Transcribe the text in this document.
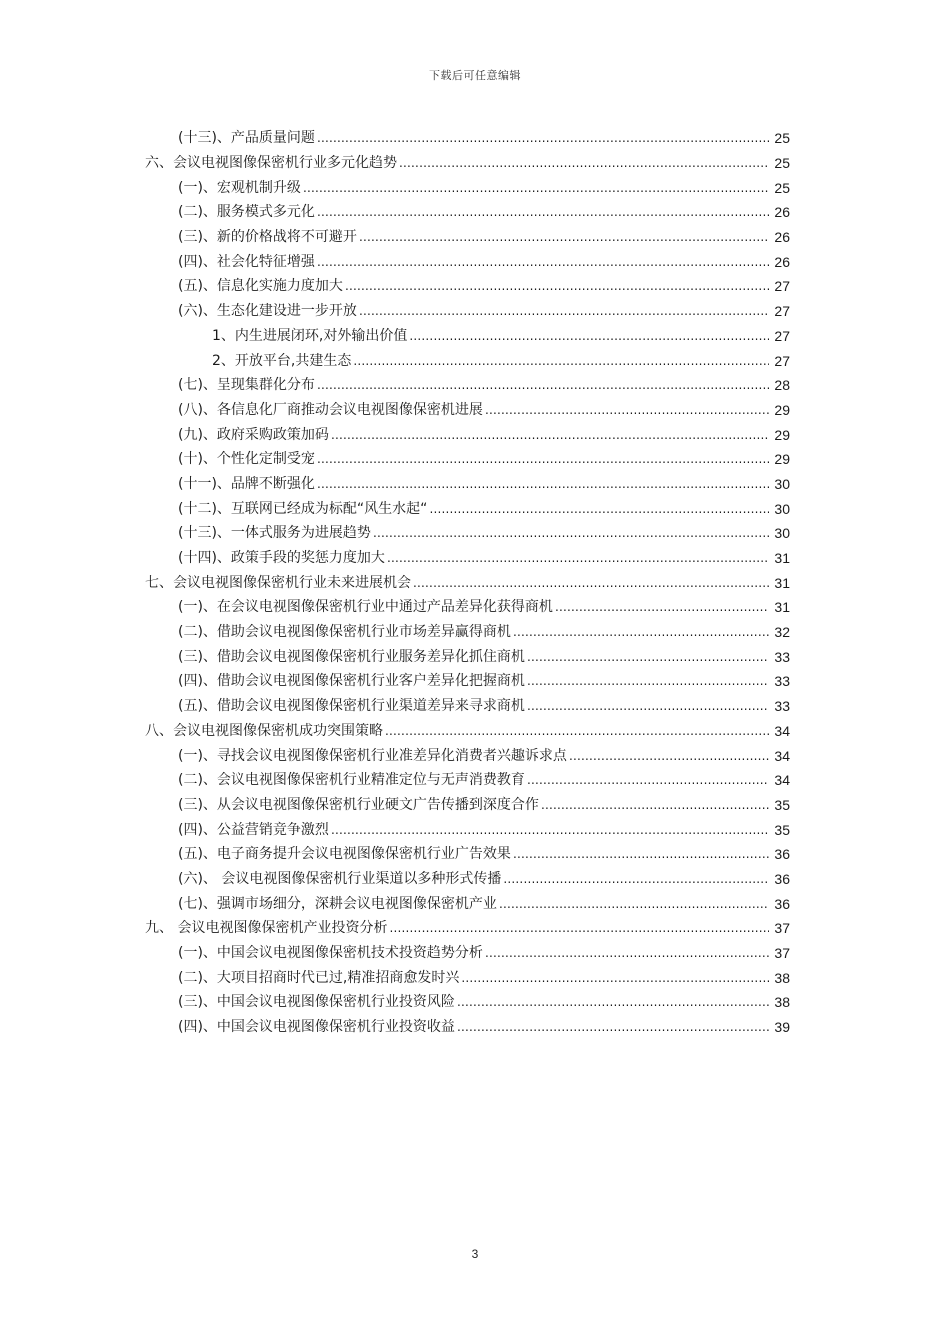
下载后可任意编辑
(十三)、产品质量问题 .....	25
六、会议电视图像保密机行业多元化趋势 .....	25
(一)、宏观机制升级 .....	25
(二)、服务模式多元化 .....	26
(三)、新的价格战将不可避开 .....	26
(四)、社会化特征增强 .....	26
(五)、信息化实施力度加大 .....	27
(六)、生态化建设进一步开放 .....	27
1、内生进展闭环,对外输出价值 .....	27
2、开放平台,共建生态 .....	27
(七)、呈现集群化分布 .....	28
(八)、各信息化厂商推动会议电视图像保密机进展 .....	29
(九)、政府采购政策加码 .....	29
(十)、个性化定制受宠 .....	29
(十一)、品牌不断强化 .....	30
(十二)、互联网已经成为标配“风生水起“ .....	30
(十三)、一体式服务为进展趋势 .....	30
(十四)、政策手段的奖惩力度加大 .....	31
七、会议电视图像保密机行业未来进展机会 .....	31
(一)、在会议电视图像保密机行业中通过产品差异化获得商机 .....	31
(二)、借助会议电视图像保密机行业市场差异赢得商机 .....	32
(三)、借助会议电视图像保密机行业服务差异化抓住商机 .....	33
(四)、借助会议电视图像保密机行业客户差异化把握商机 .....	33
(五)、借助会议电视图像保密机行业渠道差异来寻求商机 .....	33
八、会议电视图像保密机成功突围策略 .....	34
(一)、寻找会议电视图像保密机行业准差异化消费者兴趣诉求点 .....	34
(二)、会议电视图像保密机行业精准定位与无声消费教育 .....	34
(三)、从会议电视图像保密机行业硬文广告传播到深度合作 .....	35
(四)、公益营销竞争激烈 .....	35
(五)、电子商务提升会议电视图像保密机行业广告效果 .....	36
(六)、 会议电视图像保密机行业渠道以多种形式传播 .....	36
(七)、强调市场细分，深耕会议电视图像保密机产业 .....	36
九、 会议电视图像保密机产业投资分析 .....	37
(一)、中国会议电视图像保密机技术投资趋势分析 .....	37
(二)、大项目招商时代已过,精准招商愈发时兴 .....	38
(三)、中国会议电视图像保密机行业投资风险 .....	38
(四)、中国会议电视图像保密机行业投资收益 .....	39
3
